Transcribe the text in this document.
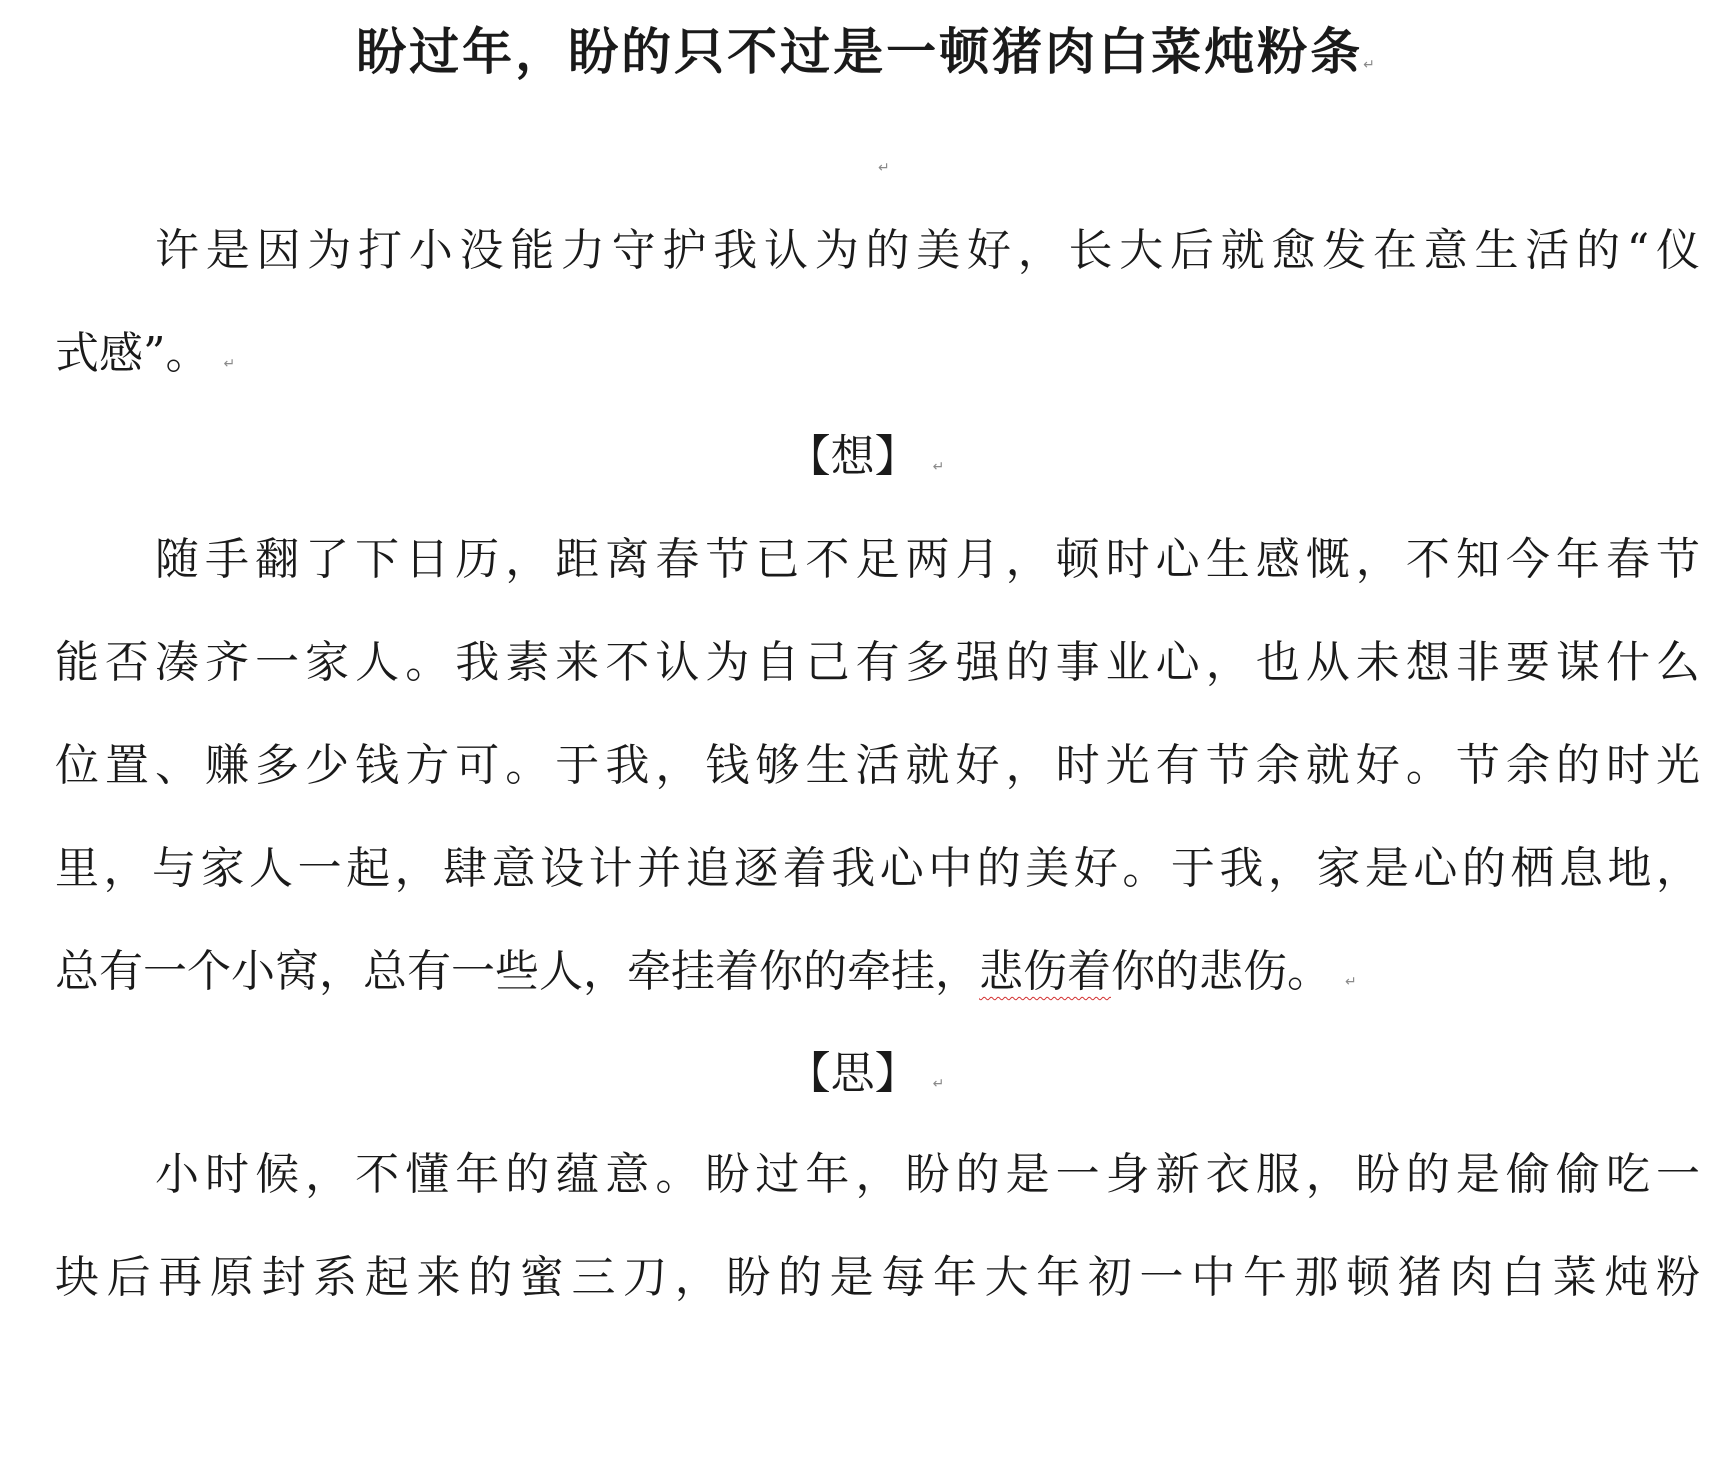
盼过年，盼的只不过是一顿猪肉白菜炖粉条↵
↵
许是因为打小没能力守护我认为的美好，长大后就愈发在意生活的“仪
式感”。 ↵
【想】 ↵
随手翻了下日历，距离春节已不足两月，顿时心生感慨，不知今年春节
能否凑齐一家人。我素来不认为自己有多强的事业心，也从未想非要谋什么
位置、赚多少钱方可。于我，钱够生活就好，时光有节余就好。节余的时光
里，与家人一起，肆意设计并追逐着我心中的美好。于我，家是心的栖息地，
总有一个小窝，总有一些人，牵挂着你的牵挂，悲伤着你的悲伤。 ↵
【思】 ↵
小时候，不懂年的蕴意。盼过年，盼的是一身新衣服，盼的是偷偷吃一
块后再原封系起来的蜜三刀，盼的是每年大年初一中午那顿猪肉白菜炖粉
